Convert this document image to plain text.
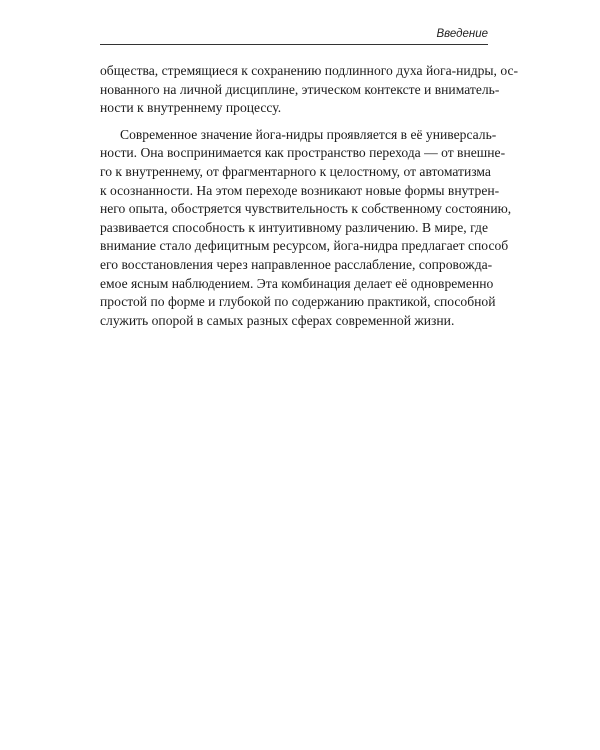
Введение

общества, стремящиеся к сохранению подлинного духа йога-нидры, ос-
нованного на личной дисциплине, этическом контексте и вниматель-
ности к внутреннему процессу.

Современное значение йога-нидры проявляется в её универсаль-
ности. Она воспринимается как пространство перехода — от внешне-
го к внутреннему, от фрагментарного к целостному, от автоматизма
к осознанности. На этом переходе возникают новые формы внутрен-
него опыта, обостряется чувствительность к собственному состоянию,
развивается способность к интуитивному различению. В мире, где
внимание стало дефицитным ресурсом, йога-нидра предлагает способ
его восстановления через направленное расслабление, сопровожда-
емое ясным наблюдением. Эта комбинация делает её одновременно
простой по форме и глубокой по содержанию практикой, способной
служить опорой в самых разных сферах современной жизни.
